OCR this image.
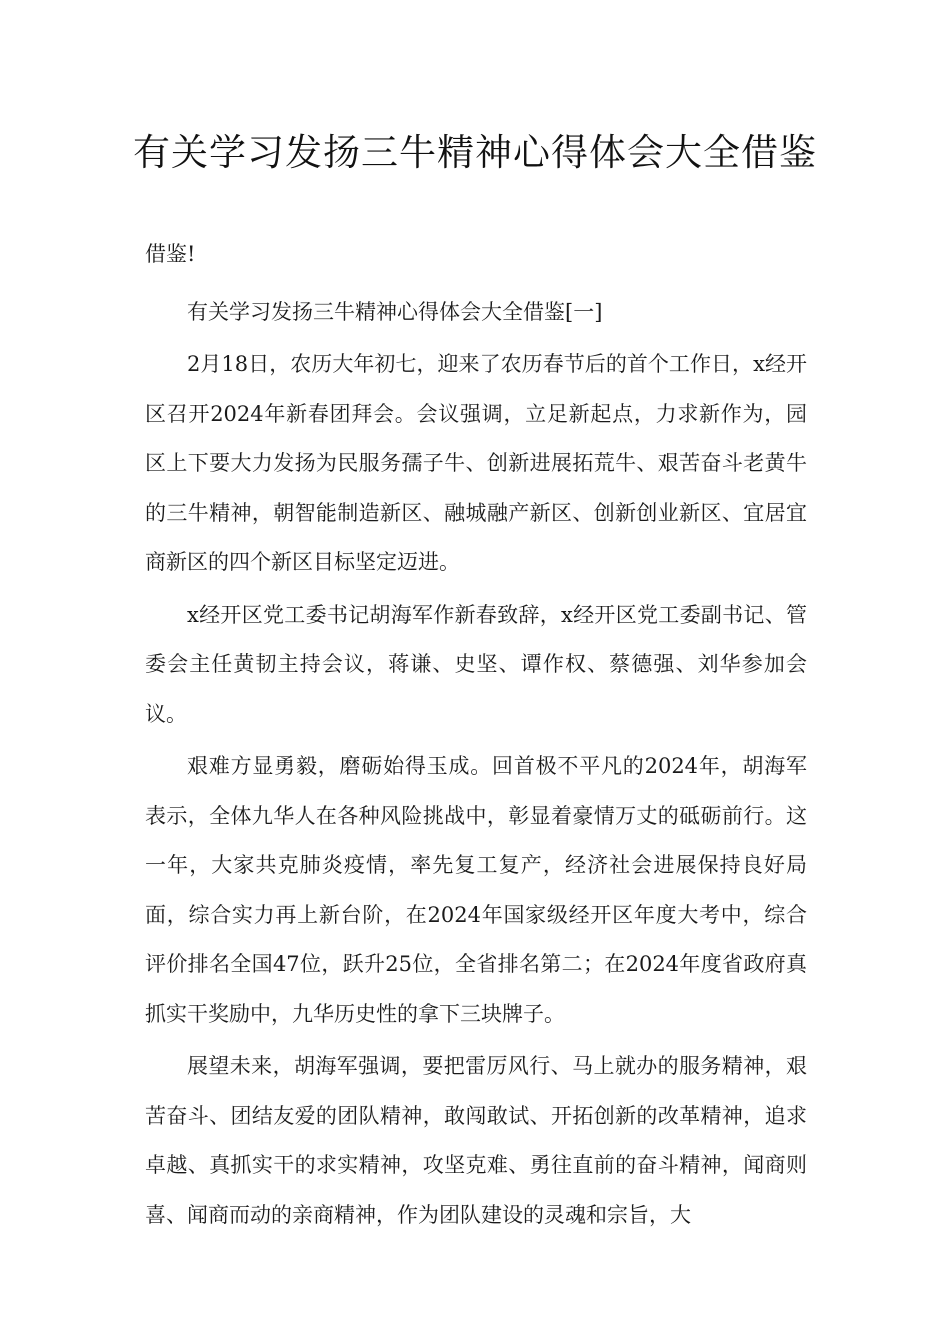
有关学习发扬三牛精神心得体会大全借鉴

借鉴!

有关学习发扬三牛精神心得体会大全借鉴[一]

2月18日，农历大年初七，迎来了农历春节后的首个工作日，x经开区召开2024年新春团拜会。会议强调，立足新起点，力求新作为，园区上下要大力发扬为民服务孺子牛、创新进展拓荒牛、艰苦奋斗老黄牛的三牛精神，朝智能制造新区、融城融产新区、创新创业新区、宜居宜商新区的四个新区目标坚定迈进。

x经开区党工委书记胡海军作新春致辞，x经开区党工委副书记、管委会主任黄韧主持会议，蒋谦、史坚、谭作权、蔡德强、刘华参加会议。

艰难方显勇毅，磨砺始得玉成。回首极不平凡的2024年，胡海军表示，全体九华人在各种风险挑战中，彰显着豪情万丈的砥砺前行。这一年，大家共克肺炎疫情，率先复工复产，经济社会进展保持良好局面，综合实力再上新台阶，在2024年国家级经开区年度大考中，综合评价排名全国47位，跃升25位，全省排名第二；在2024年度省政府真抓实干奖励中，九华历史性的拿下三块牌子。

展望未来，胡海军强调，要把雷厉风行、马上就办的服务精神，艰苦奋斗、团结友爱的团队精神，敢闯敢试、开拓创新的改革精神，追求卓越、真抓实干的求实精神，攻坚克难、勇往直前的奋斗精神，闻商则喜、闻商而动的亲商精神，作为团队建设的灵魂和宗旨，大
